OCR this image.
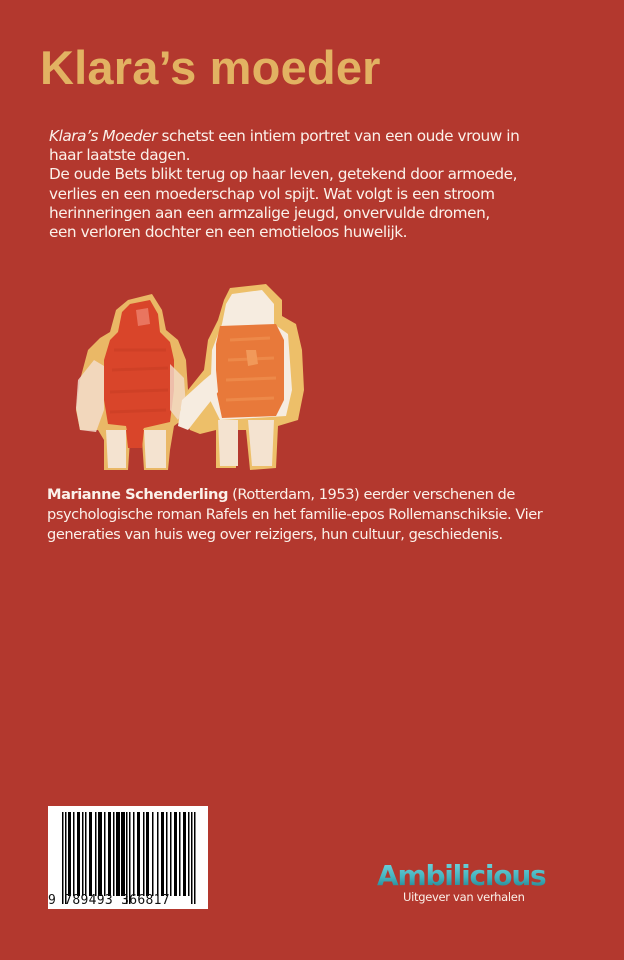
Klara’s moeder

Klara’s Moeder schetst een intiem portret van een oude vrouw in
haar laatste dagen.
De oude Bets blikt terug op haar leven, getekend door armoede,
verlies en een moederschap vol spijt. Wat volgt is een stroom
herinneringen aan een armzalige jeugd, onvervulde dromen,
een verloren dochter en een emotieloos huwelijk.

Marianne Schenderling (Rotterdam, 1953) eerder verschenen de
psychologische roman Rafels en het familie-epos Rollemanschiksie. Vier
generaties van huis weg over reizigers, hun cultuur, geschiedenis.

9 789493 366817
Ambilicious
Uitgever van verhalen
